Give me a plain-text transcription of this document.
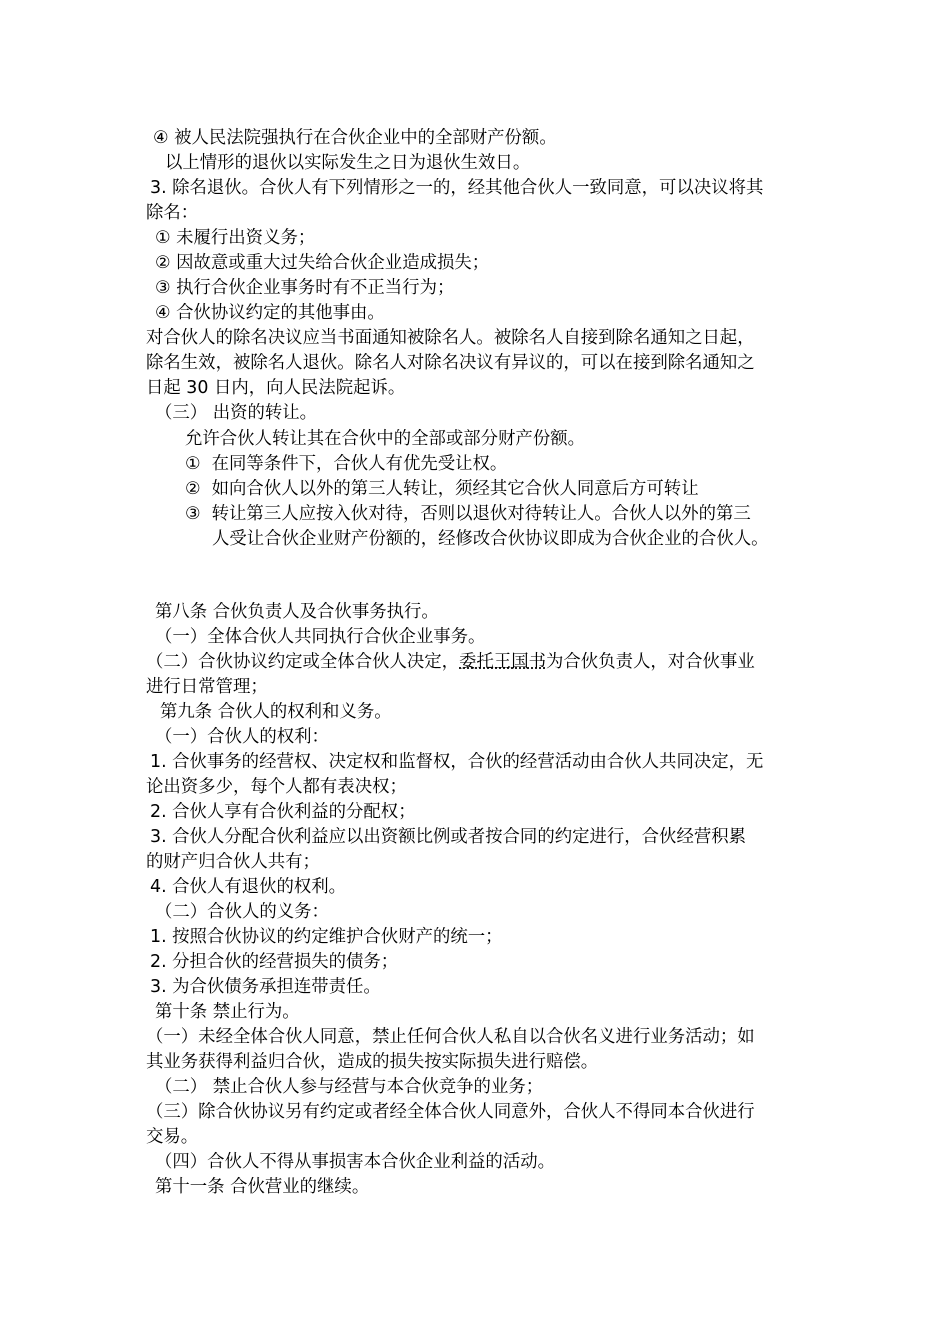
④ 被人民法院强执行在合伙企业中的全部财产份额。

以上情形的退伙以实际发生之日为退伙生效日。

3. 除名退伙。合伙人有下列情形之一的，经其他合伙人一致同意，可以决议将其

除名：

① 未履行出资义务；

② 因故意或重大过失给合伙企业造成损失；

③ 执行合伙企业事务时有不正当行为；

④ 合伙协议约定的其他事由。

对合伙人的除名决议应当书面通知被除名人。被除名人自接到除名通知之日起，

除名生效，被除名人退伙。除名人对除名决议有异议的，可以在接到除名通知之

日起 30 日内，向人民法院起诉。

（三） 出资的转让。

允许合伙人转让其在合伙中的全部或部分财产份额。

①  在同等条件下，合伙人有优先受让权。

②  如向合伙人以外的第三人转让，须经其它合伙人同意后方可转让

③  转让第三人应按入伙对待，否则以退伙对待转让人。合伙人以外的第三

人受让合伙企业财产份额的，经修改合伙协议即成为合伙企业的合伙人。

第八条 合伙负责人及合伙事务执行。

（一）全体合伙人共同执行合伙企业事务。

（二）合伙协议约定或全体合伙人决定，委托王国书为合伙负责人，对合伙事业

进行日常管理；

第九条 合伙人的权利和义务。

（一）合伙人的权利：

1. 合伙事务的经营权、决定权和监督权，合伙的经营活动由合伙人共同决定，无

论出资多少，每个人都有表决权；

2. 合伙人享有合伙利益的分配权；

3. 合伙人分配合伙利益应以出资额比例或者按合同的约定进行，合伙经营积累

的财产归合伙人共有；

4. 合伙人有退伙的权利。

（二）合伙人的义务：

1. 按照合伙协议的约定维护合伙财产的统一；

2. 分担合伙的经营损失的债务；

3. 为合伙债务承担连带责任。

第十条 禁止行为。

（一）未经全体合伙人同意，禁止任何合伙人私自以合伙名义进行业务活动；如

其业务获得利益归合伙，造成的损失按实际损失进行赔偿。

（二） 禁止合伙人参与经营与本合伙竞争的业务；

（三）除合伙协议另有约定或者经全体合伙人同意外，合伙人不得同本合伙进行

交易。

（四）合伙人不得从事损害本合伙企业利益的活动。

第十一条 合伙营业的继续。
